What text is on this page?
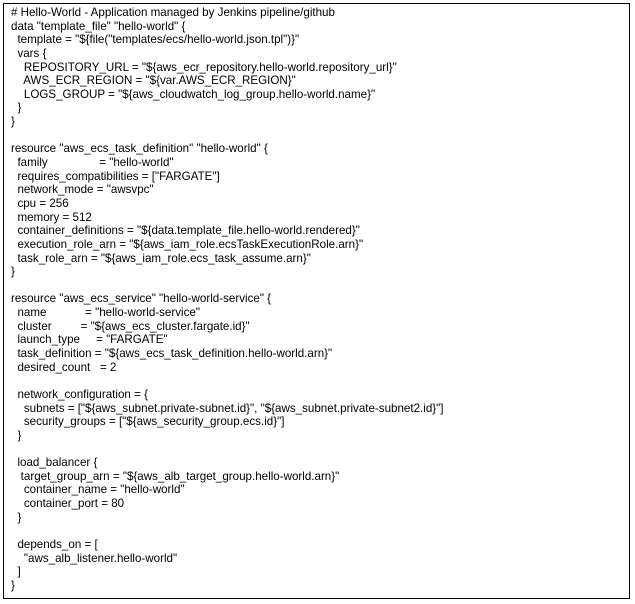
# Hello-World - Application managed by Jenkins pipeline/github
data "template_file" "hello-world" {
template = "${file("templates/ecs/hello-world.json.tpl")}"
vars {
REPOSITORY_URL = "${aws_ecr_repository.hello-world.repository_url}"
AWS_ECR_REGION = "${var.AWS_ECR_REGION}"
LOGS_GROUP = "${aws_cloudwatch_log_group.hello-world.name}"
}
}
resource "aws_ecs_task_definition" "hello-world" {
family                = "hello-world"
requires_compatibilities = ["FARGATE"]
network_mode = "awsvpc"
cpu = 256
memory = 512
container_definitions = "${data.template_file.hello-world.rendered}"
execution_role_arn = "${aws_iam_role.ecsTaskExecutionRole.arn}"
task_role_arn = "${aws_iam_role.ecs_task_assume.arn}"
}
resource "aws_ecs_service" "hello-world-service" {
name            = "hello-world-service"
cluster         = "${aws_ecs_cluster.fargate.id}"
launch_type     = "FARGATE"
task_definition = "${aws_ecs_task_definition.hello-world.arn}"
desired_count   = 2
network_configuration = {
subnets = ["${aws_subnet.private-subnet.id}", "${aws_subnet.private-subnet2.id}"]
security_groups = ["${aws_security_group.ecs.id}"]
}
load_balancer {
target_group_arn = "${aws_alb_target_group.hello-world.arn}"
container_name = "hello-world"
container_port = 80
}
depends_on = [
"aws_alb_listener.hello-world"
]
}
